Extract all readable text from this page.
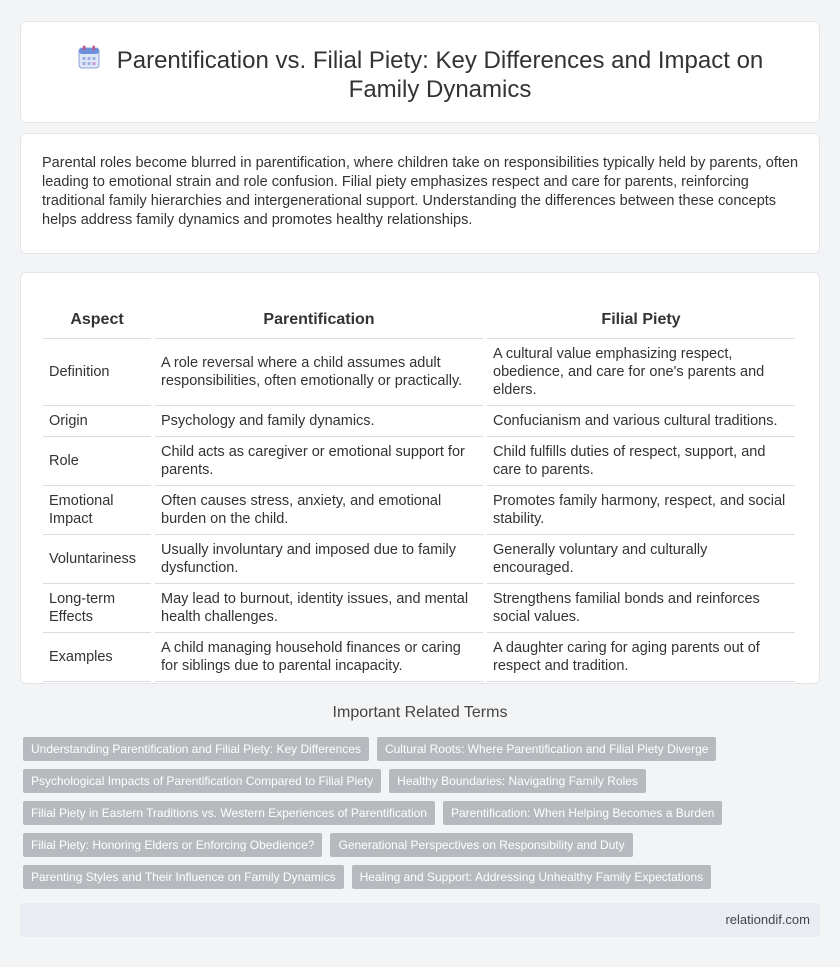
Parentification vs. Filial Piety: Key Differences and Impact on Family Dynamics

Parental roles become blurred in parentification, where children take on responsibilities typically held by parents, often leading to emotional strain and role confusion. Filial piety emphasizes respect and care for parents, reinforcing traditional family hierarchies and intergenerational support. Understanding the differences between these concepts helps address family dynamics and promotes healthy relationships.

Aspect	Parentification	Filial Piety
Definition	A role reversal where a child assumes adult responsibilities, often emotionally or practically.	A cultural value emphasizing respect, obedience, and care for one's parents and elders.
Origin	Psychology and family dynamics.	Confucianism and various cultural traditions.
Role	Child acts as caregiver or emotional support for parents.	Child fulfills duties of respect, support, and care to parents.
Emotional Impact	Often causes stress, anxiety, and emotional burden on the child.	Promotes family harmony, respect, and social stability.
Voluntariness	Usually involuntary and imposed due to family dysfunction.	Generally voluntary and culturally encouraged.
Long-term Effects	May lead to burnout, identity issues, and mental health challenges.	Strengthens familial bonds and reinforces social values.
Examples	A child managing household finances or caring for siblings due to parental incapacity.	A daughter caring for aging parents out of respect and tradition.
Important Related Terms
Understanding Parentification and Filial Piety: Key Differences	Cultural Roots: Where Parentification and Filial Piety Diverge
Psychological Impacts of Parentification Compared to Filial Piety	Healthy Boundaries: Navigating Family Roles
Filial Piety in Eastern Traditions vs. Western Experiences of Parentification	Parentification: When Helping Becomes a Burden
Filial Piety: Honoring Elders or Enforcing Obedience?	Generational Perspectives on Responsibility and Duty
Parenting Styles and Their Influence on Family Dynamics	Healing and Support: Addressing Unhealthy Family Expectations
relationdif.com
